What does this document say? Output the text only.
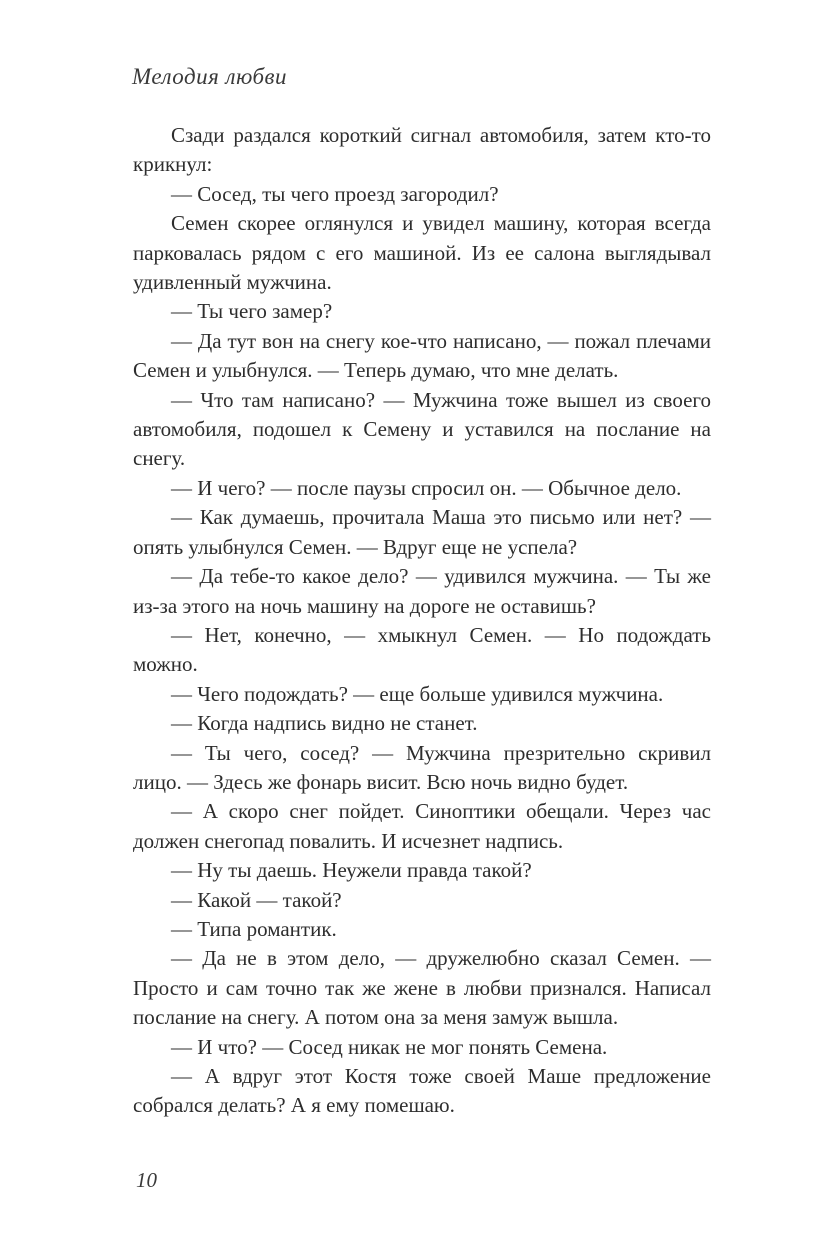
Мелодия любви

Сзади раздался короткий сигнал автомобиля, затем кто-то крикнул:

— Сосед, ты чего проезд загородил?

Семен скорее оглянулся и увидел машину, которая всегда парковалась рядом с его машиной. Из ее салона выглядывал удивленный мужчина.

— Ты чего замер?

— Да тут вон на снегу кое-что написано, — пожал плечами Семен и улыбнулся. — Теперь думаю, что мне делать.

— Что там написано? — Мужчина тоже вышел из своего автомобиля, подошел к Семену и уставился на послание на снегу.

— И чего? — после паузы спросил он. — Обычное дело.

— Как думаешь, прочитала Маша это письмо или нет? — опять улыбнулся Семен. — Вдруг еще не успела?

— Да тебе-то какое дело? — удивился мужчина. — Ты же из-за этого на ночь машину на дороге не оставишь?

— Нет, конечно, — хмыкнул Семен. — Но подождать можно.

— Чего подождать? — еще больше удивился мужчина.

— Когда надпись видно не станет.

— Ты чего, сосед? — Мужчина презрительно скривил лицо. — Здесь же фонарь висит. Всю ночь видно будет.

— А скоро снег пойдет. Синоптики обещали. Через час должен снегопад повалить. И исчезнет надпись.

— Ну ты даешь. Неужели правда такой?

— Какой — такой?

— Типа романтик.

— Да не в этом дело, — дружелюбно сказал Семен. — Просто и сам точно так же жене в любви признался. Написал послание на снегу. А потом она за меня замуж вышла.

— И что? — Сосед никак не мог понять Семена.

— А вдруг этот Костя тоже своей Маше предложение собрался делать? А я ему помешаю.

10
